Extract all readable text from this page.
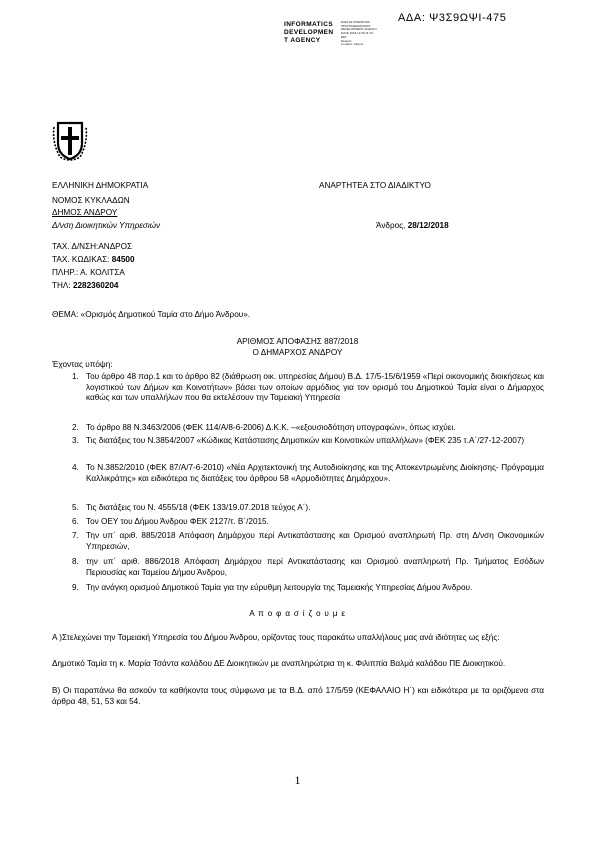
ΑΔΑ: Ψ3Σ9ΩΨΙ-475
INFORMATICS
DEVELOPMEN
T AGENCY
ΕΛΕΓΞΕ ΣΠΕΡΙΣΤΕΣ
ΠΡΟΓΡΑΜΜΑΤΙΣΜΟΥ
DEVELOPMENT AGENCY
DATE 2018.12.28 11:15:
EET
Reason:
Location: Athens
ΕΛΛΗΝΙΚΗ ΔΗΜΟΚΡΑΤΙΑ	ΑΝΑΡΤΗΤΕΑ ΣΤΟ ΔΙΑΔΙΚΤΥΟ
ΝΟΜΟΣ ΚΥΚΛΑΔΩΝ
ΔΗΜΟΣ ΑΝΔΡΟΥ
Δ/νση Διοικητικών Υπηρεσιών	Άνδρος, 28/12/2018
ΤΑΧ. Δ/ΝΣΗ:ΑΝΔΡΟΣ
ΤΑΧ. ΚΩΔΙΚΑΣ: 84500
ΠΛΗΡ.: Α. ΚΟΛΙΤΣΑ
ΤΗΛ: 2282360204
ΘΕΜΑ: «Ορισμός Δημοτικού Ταμία στο Δήμο Άνδρου».
ΑΡΙΘΜΟΣ ΑΠΟΦΑΣΗΣ 887/2018
Ο ΔΗΜΑΡΧΟΣ ΑΝΔΡΟΥ
Έχοντας υπόψη:
1. Του άρθρο 48 παρ.1 και το άρθρο 82 (διάθρωση οικ. υπηρεσίας Δήμου) Β.Δ. 17/5-15/6/1959 «Περί οικονομικής διοικήσεως και λογιστικού των Δήμων και Κοινοτήτων» βάσει των οποίων αρμόδιος για τον ορισμό του Δημοτικού Ταμία είναι ο Δήμαρχος καθώς και των υπαλλήλων που θα εκτελέσουν την Ταμειακή Υπηρεσία
2. Το άρθρο 88 Ν.3463/2006 (ΦΕΚ 114/Α/8-6-2006) Δ.Κ.Κ. –«εξουσιοδότηση υπογραφών», όπως ισχύει.
3. Τις διατάξεις του Ν.3854/2007 «Κώδικας Κατάστασης Δημοτικών και Κοινοτικών υπαλλήλων» (ΦΕΚ 235 τ.Α΄/27-12-2007)
4. Το Ν.3852/2010 (ΦΕΚ 87/Α/7-6-2010) «Νέα Αρχιτεκτονική της Αυτοδιοίκησης και της Αποκεντρωμένης Διοίκησης- Πρόγραμμα Καλλικράτης» και ειδικότερα τις διατάξεις του άρθρου 58 «Αρμοδιότητες Δημάρχου».
5. Τις διατάξεις του Ν. 4555/18 (ΦΕΚ 133/19.07.2018 τεύχος Α΄).
6. Τον ΟΕΥ του Δήμου Άνδρου ΦΕΚ 2127/τ. Β΄/2015.
7. Την υπ΄ αριθ. 885/2018 Απόφαση Δημάρχου περί Αντικατάστασης και Ορισμού αναπληρωτή Πρ. στη Δ/νση Οικονομικών Υπηρεσιών,
8. την υπ΄ αριθ. 886/2018 Απόφαση Δημάρχου περί Αντικατάστασης και Ορισμού αναπληρωτή Πρ. Τμήματος Εσόδων Περιουσίας και Ταμείου Δήμου Άνδρου,
9. Την ανάγκη ορισμού Δημοτικού Ταμία για την εύρυθμη λειτουργία της Ταμειακής Υπηρεσίας Δήμου Άνδρου.
Α π ο φ α σ ί ζ ο υ μ ε
Α )Στελεχώνει την Ταμειακή Υπηρεσία του Δήμου Άνδρου, ορίζοντας τους παρακάτω υπαλλήλους μας ανά ιδιότητες ως εξής:
Δημοτικό Ταμία τη κ. Μαρία Τσάντα καλάδου ΔΕ Διοικητικών με αναπληρώτρια τη κ. Φιλιππία Βαλμά καλάδου ΠΕ Διοικητικού.
Β) Οι παραπάνω θα ασκούν τα καθήκοντα τους σύμφωνα με τα Β.Δ. από 17/5/59 (ΚΕΦΑΛΑΙΟ Η΄) και ειδικότερα με τα οριζόμενα στα άρθρα 48, 51, 53 και 54.
1
